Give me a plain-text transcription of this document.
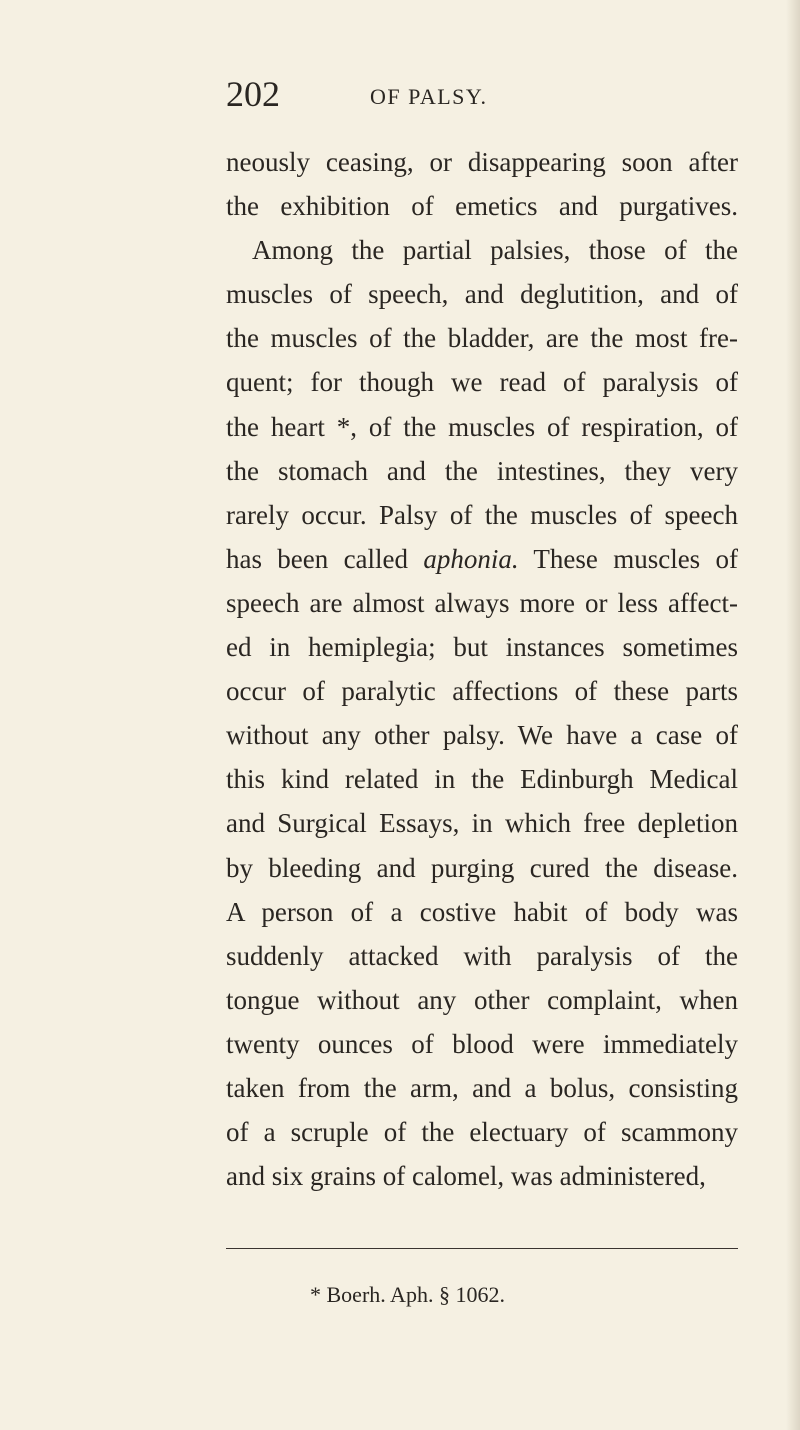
202	OF PALSY.
neously ceasing, or disappearing soon after
the exhibition of emetics and purgatives.
Among the partial palsies, those of the
muscles of speech, and deglutition, and of
the muscles of the bladder, are the most fre-
quent; for though we read of paralysis of
the heart *, of the muscles of respiration, of
the stomach and the intestines, they very
rarely occur. Palsy of the muscles of speech
has been called aphonia. These muscles of
speech are almost always more or less affect-
ed in hemiplegia; but instances sometimes
occur of paralytic affections of these parts
without any other palsy. We have a case of
this kind related in the Edinburgh Medical
and Surgical Essays, in which free depletion
by bleeding and purging cured the disease.
A person of a costive habit of body was
suddenly attacked with paralysis of the
tongue without any other complaint, when
twenty ounces of blood were immediately
taken from the arm, and a bolus, consisting
of a scruple of the electuary of scammony
and six grains of calomel, was administered,
* Boerh. Aph. § 1062.
